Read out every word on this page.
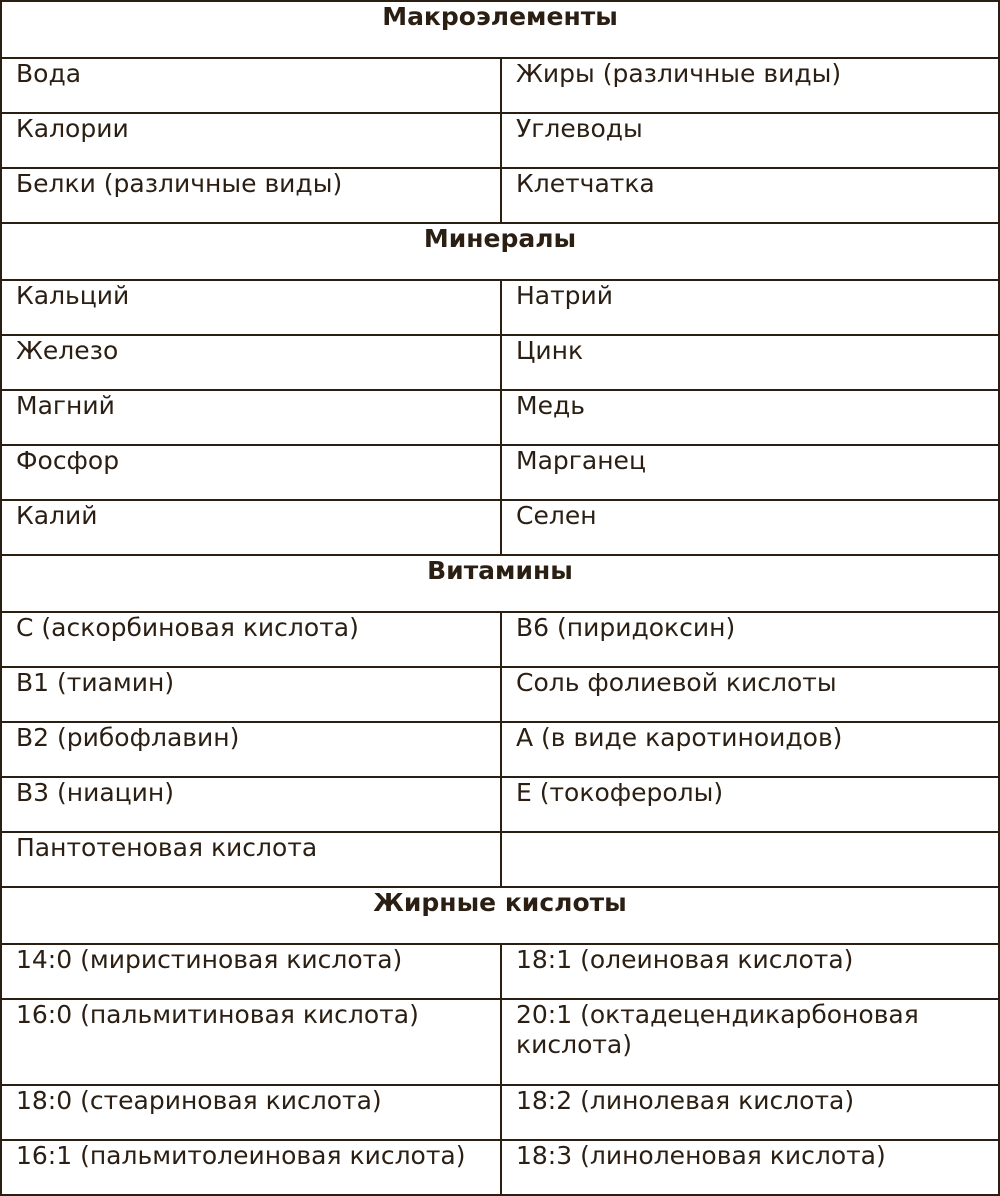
Макроэлементы	
Вода	Жиры (различные виды)
Калории	Углеводы
Белки (различные виды)	Клетчатка
Минералы	
Кальций	Натрий
Железо	Цинк
Магний	Медь
Фосфор	Марганец
Калий	Селен
Витамины	
C (аскорбиновая кислота)	B6 (пиридоксин)
B1 (тиамин)	Соль фолиевой кислоты
B2 (рибофлавин)	A (в виде каротиноидов)
B3 (ниацин)	E (токоферолы)
Пантотеновая кислота	
Жирные кислоты	
14:0 (миристиновая кислота)	18:1 (олеиновая кислота)
16:0 (пальмитиновая кислота)	20:1 (октадецендикарбоновая кислота)
18:0 (стеариновая кислота)	18:2 (линолевая кислота)
16:1 (пальмитолеиновая кислота)	18:3 (линоленовая кислота)
